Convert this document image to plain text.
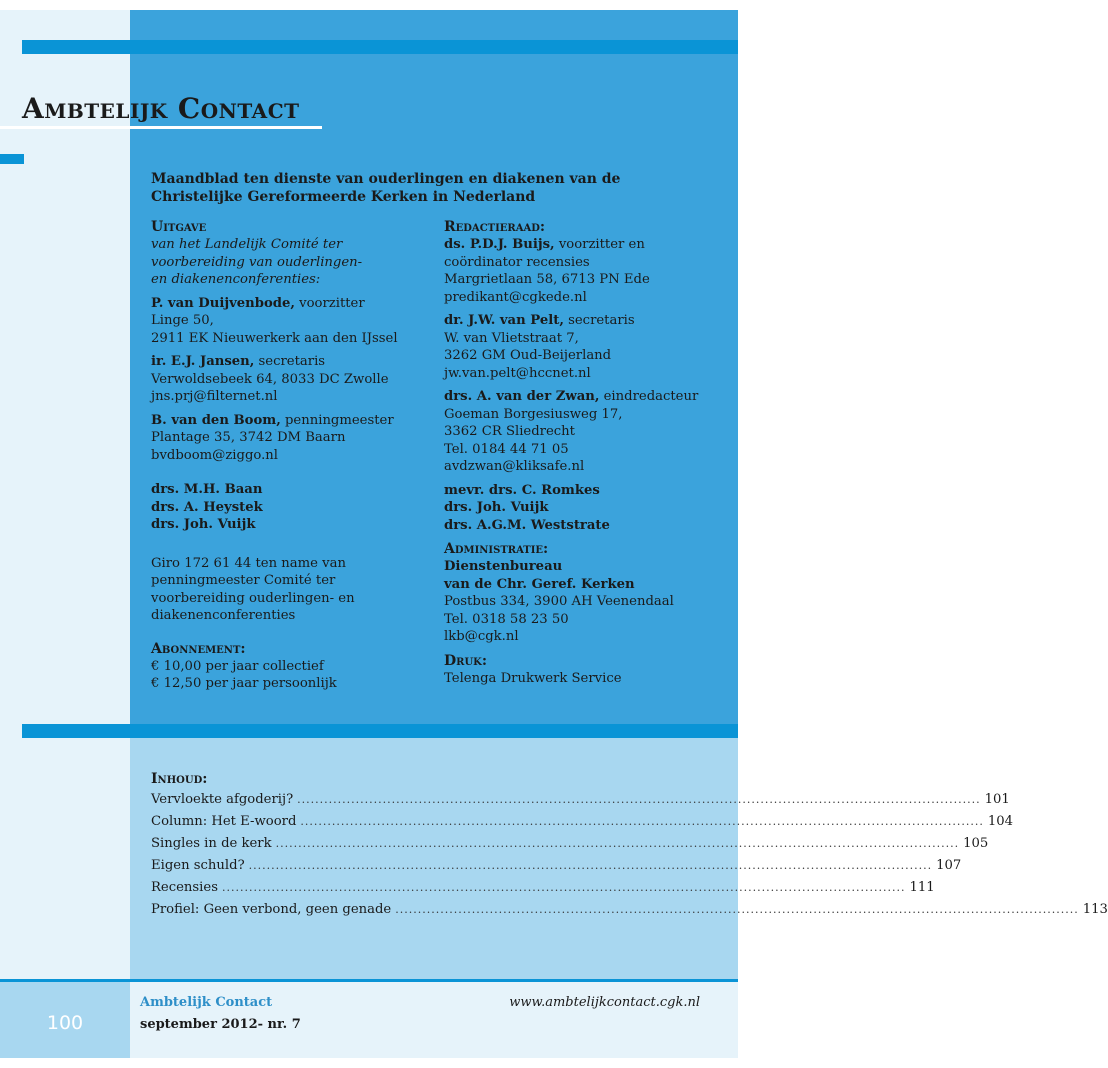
Ambtelijk Contact
Maandblad ten dienste van ouderlingen en diakenen van de
Christelijke Gereformeerde Kerken in Nederland
Uitgave
van het Landelijk Comité ter
voorbereiding van ouderlingen-
en diakenenconferenties:
P. van Duijvenbode, voorzitter
Linge 50,
2911 EK Nieuwerkerk aan den IJssel
ir. E.J. Jansen, secretaris
Verwoldsebeek 64, 8033 DC Zwolle
jns.prj@filternet.nl
B. van den Boom, penningmeester
Plantage 35, 3742 DM Baarn
bvdboom@ziggo.nl
drs. M.H. Baan
drs. A. Heystek
drs. Joh. Vuijk
Giro 172 61 44 ten name van
penningmeester Comité ter
voorbereiding ouderlingen- en
diakenenconferenties
Abonnement:
€ 10,00 per jaar collectief
€ 12,50 per jaar persoonlijk
Redactieraad:
ds. P.D.J. Buijs, voorzitter en
coördinator recensies
Margrietlaan 58, 6713 PN Ede
predikant@cgkede.nl
dr. J.W. van Pelt, secretaris
W. van Vlietstraat 7,
3262 GM Oud-Beijerland
jw.van.pelt@hccnet.nl
drs. A. van der Zwan, eindredacteur
Goeman Borgesiusweg 17,
3362 CR Sliedrecht
Tel. 0184 44 71 05
avdzwan@kliksafe.nl
mevr. drs. C. Romkes
drs. Joh. Vuijk
drs. A.G.M. Weststrate
Administratie:
Dienstenbureau
van de Chr. Geref. Kerken
Postbus 334, 3900 AH Veenendaal
Tel. 0318 58 23 50
lkb@cgk.nl
Druk:
Telenga Drukwerk Service
Inhoud:
Vervloekte afgoderij? ........................................................................................................................................................ 101
Column: Het E-woord ........................................................................................................................................................ 104
Singles in de kerk ........................................................................................................................................................ 105
Eigen schuld? ........................................................................................................................................................ 107
Recensies ........................................................................................................................................................ 111
Profiel: Geen verbond, geen genade ........................................................................................................................................................ 113
100
Ambtelijk Contact
september 2012- nr. 7
www.ambtelijkcontact.cgk.nl
